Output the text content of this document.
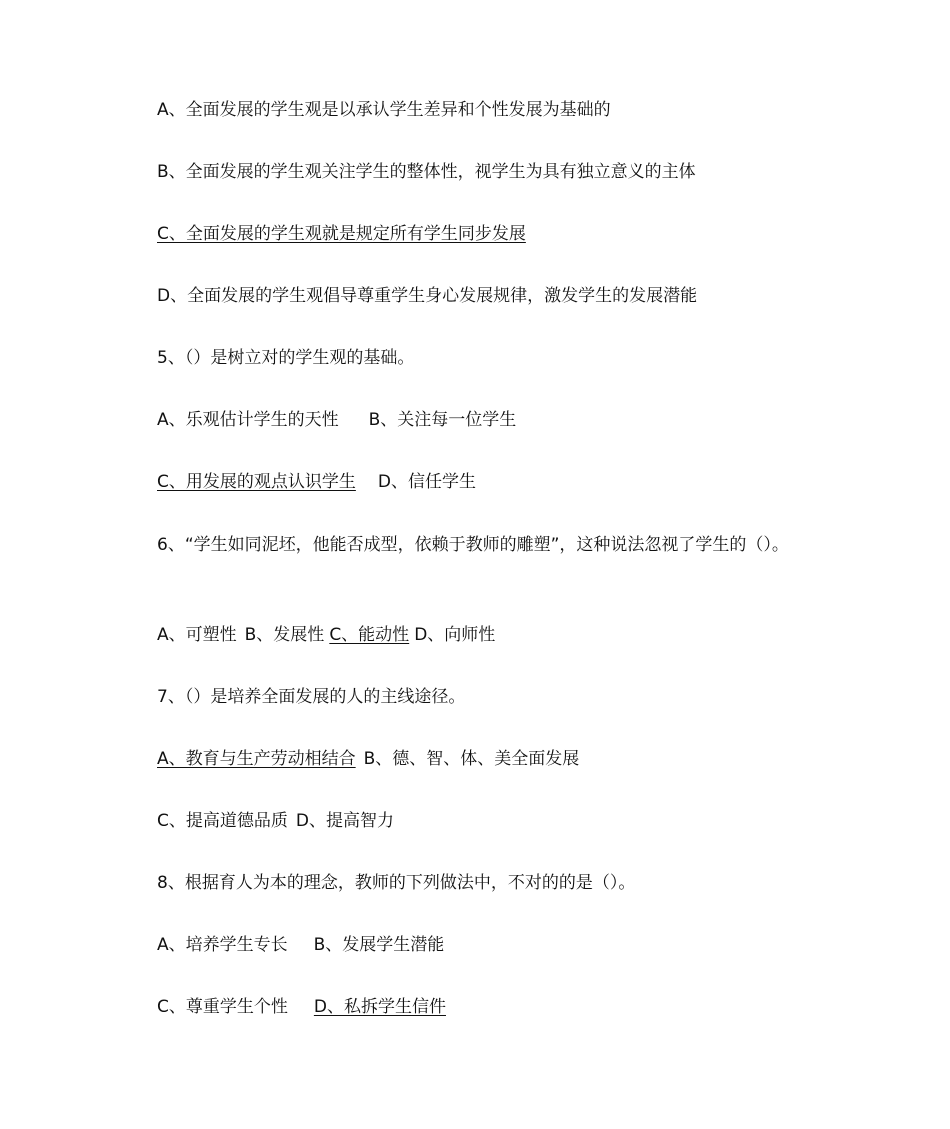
A、全面发展的学生观是以承认学生差异和个性发展为基础的
B、全面发展的学生观关注学生的整体性，视学生为具有独立意义的主体
C、全面发展的学生观就是规定所有学生同步发展
D、全面发展的学生观倡导尊重学生身心发展规律，激发学生的发展潜能
5、（）是树立对的学生观的基础。
A、乐观估计学生的天性 B、关注每一位学生
C、用发展的观点认识学生 D、信任学生
6、“学生如同泥坯，他能否成型，依赖于教师的雕塑”，这种说法忽视了学生的（）。
A、可塑性 B、发展性 C、能动性 D、向师性
7、（）是培养全面发展的人的主线途径。
A、教育与生产劳动相结合 B、德、智、体、美全面发展
C、提高道德品质 D、提高智力
8、根据育人为本的理念，教师的下列做法中，不对的的是（）。
A、培养学生专长 B、发展学生潜能
C、尊重学生个性 D、私拆学生信件
